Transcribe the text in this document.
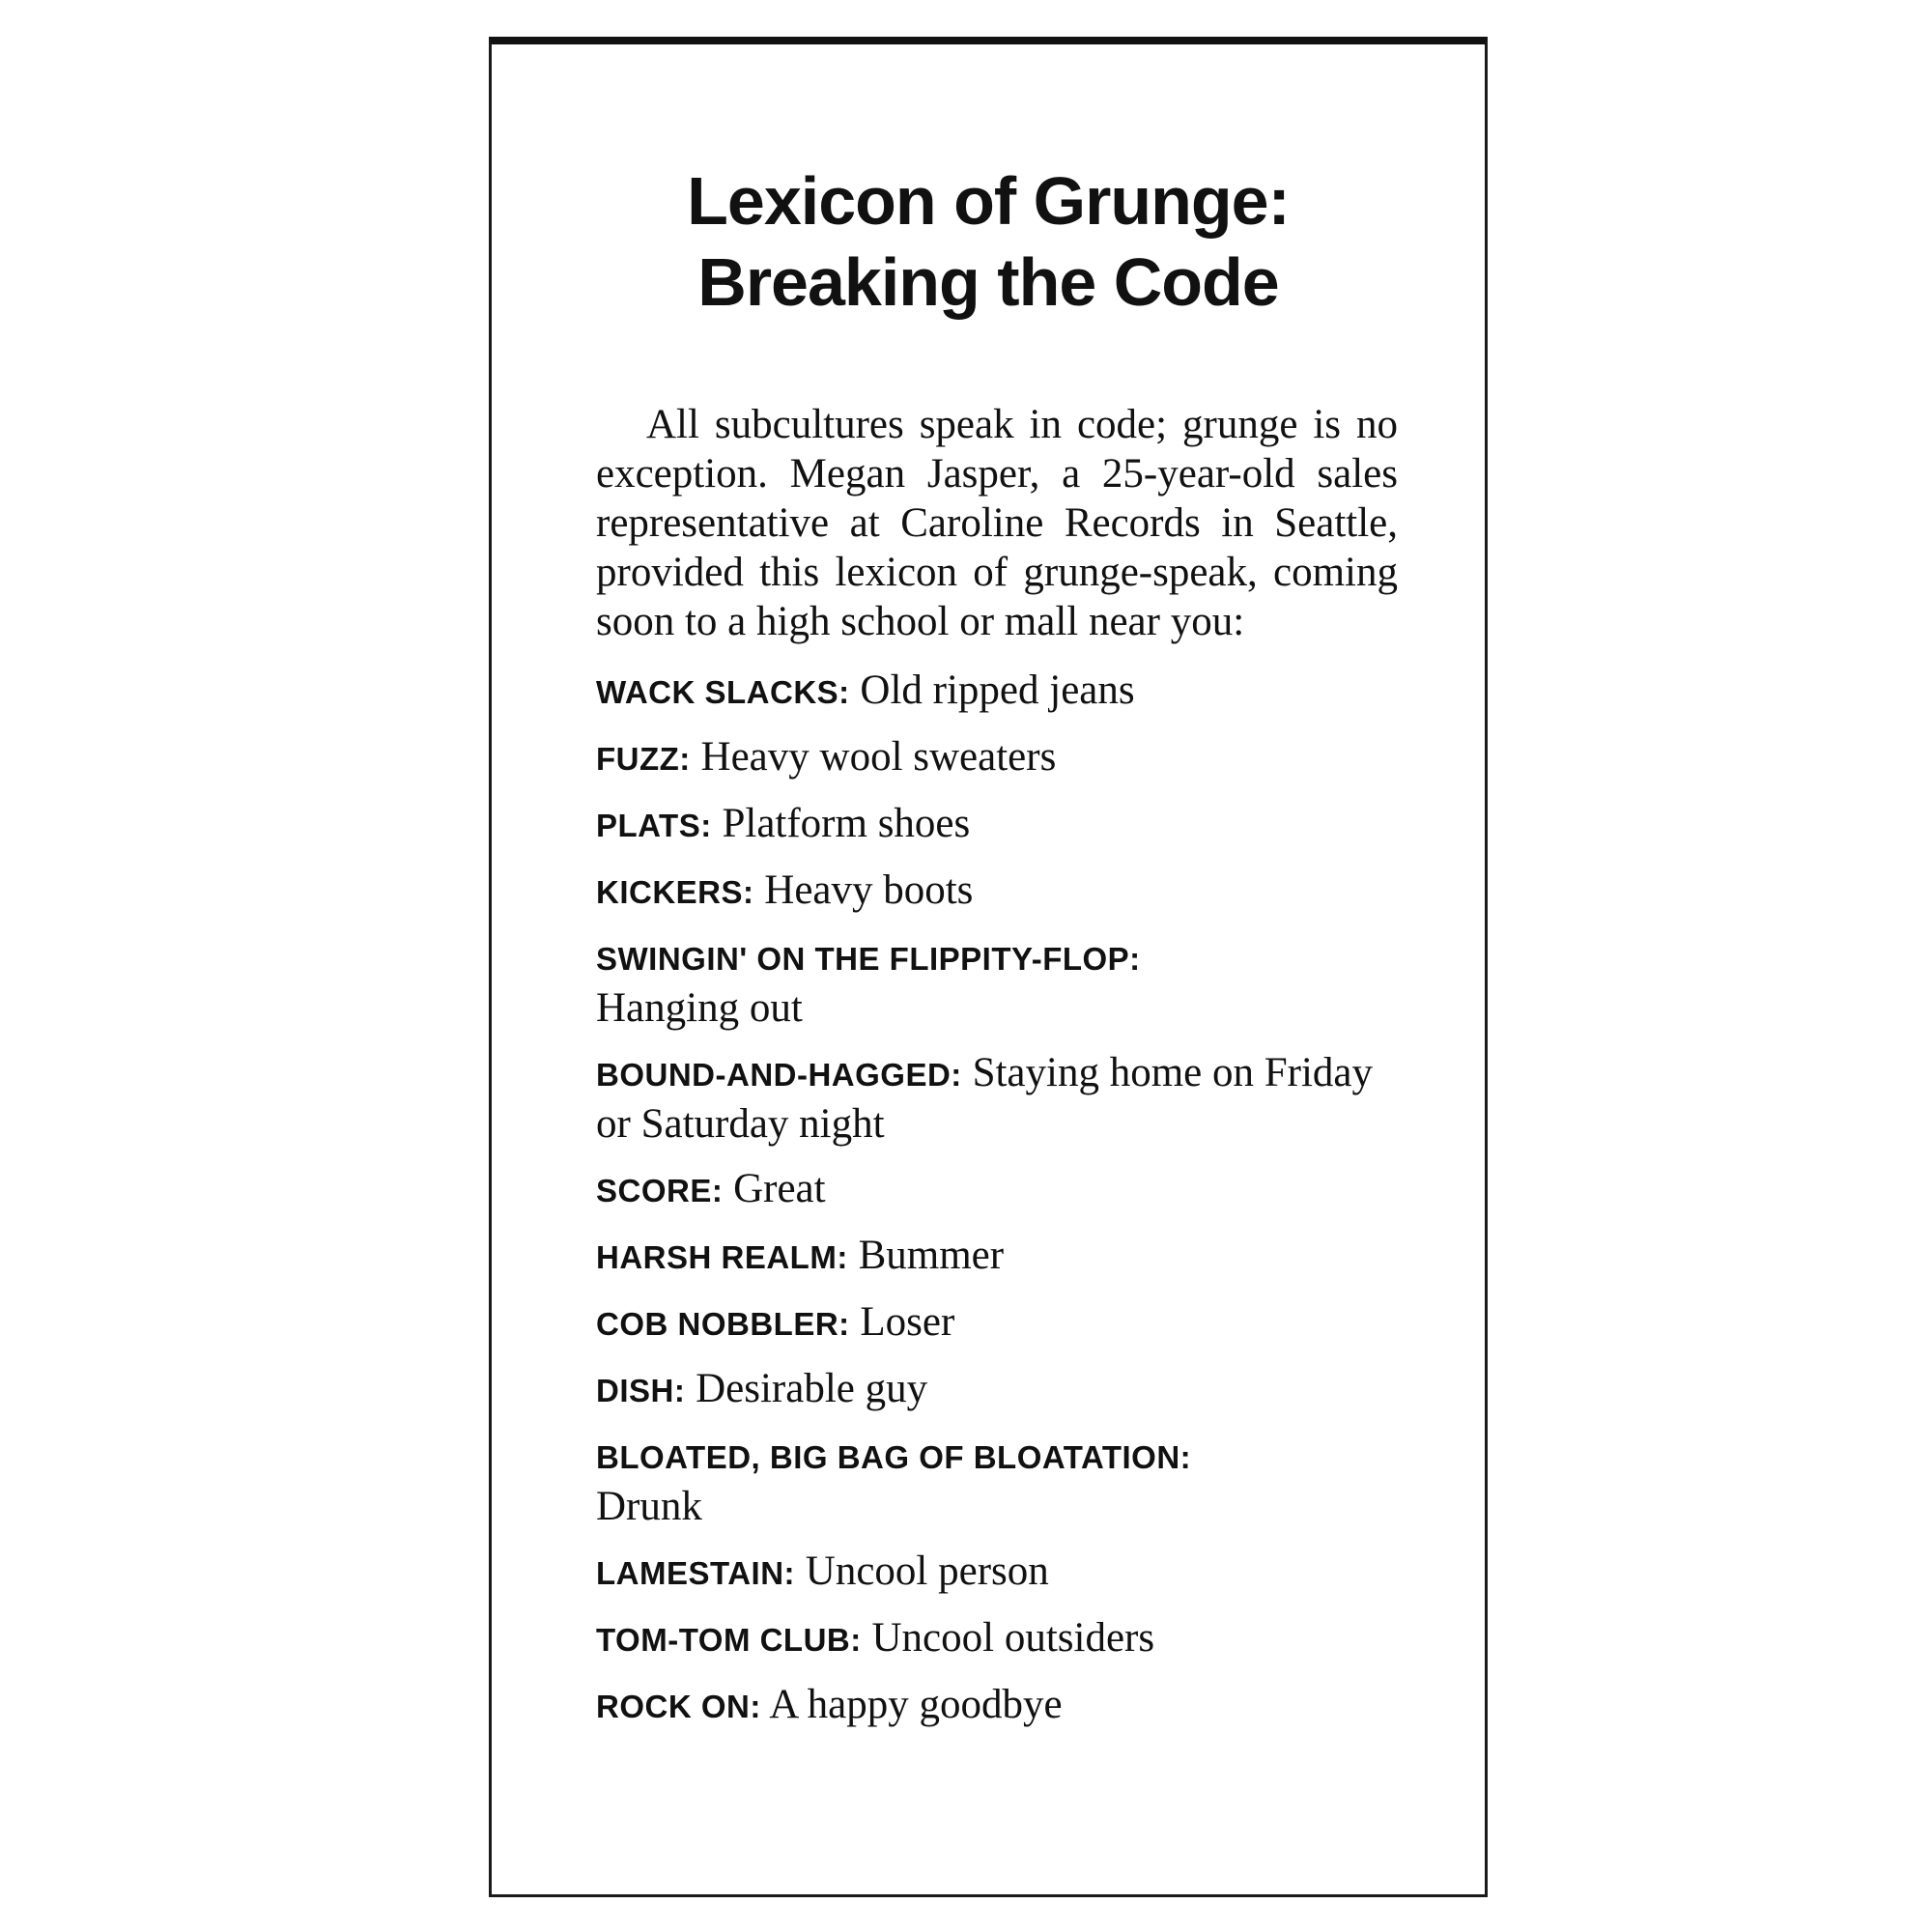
Lexicon of Grunge:
Breaking the Code

All subcultures speak in code; grunge is no exception. Megan Jasper, a 25-year-old sales representative at Caroline Records in Seattle, provided this lexicon of grunge-speak, coming soon to a high school or mall near you:

WACK SLACKS: Old ripped jeans

FUZZ: Heavy wool sweaters

PLATS: Platform shoes

KICKERS: Heavy boots

SWINGIN' ON THE FLIPPITY-FLOP:
Hanging out

BOUND-AND-HAGGED: Staying home on Friday or Saturday night

SCORE: Great

HARSH REALM: Bummer

COB NOBBLER: Loser

DISH: Desirable guy

BLOATED, BIG BAG OF BLOATATION:
Drunk

LAMESTAIN: Uncool person

TOM-TOM CLUB: Uncool outsiders

ROCK ON: A happy goodbye
